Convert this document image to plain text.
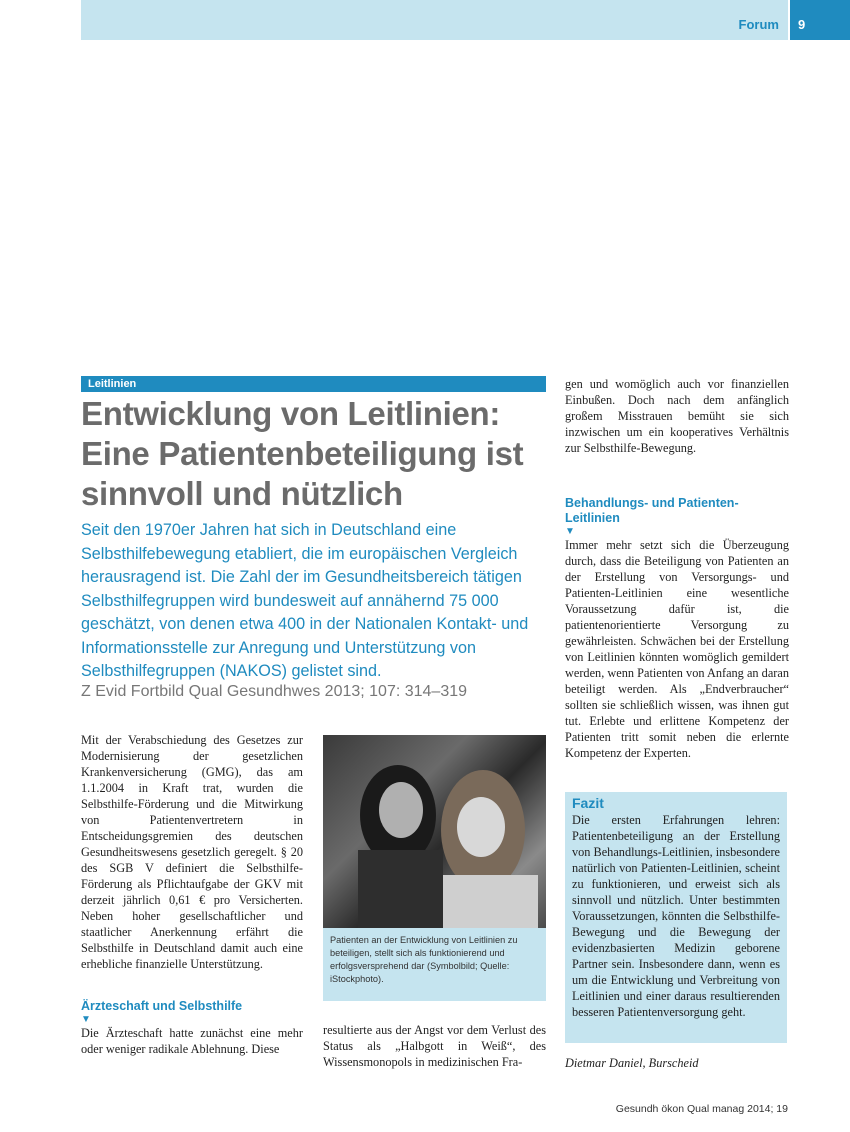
Forum 9
Leitlinien
Entwicklung von Leitlinien: Eine Patientenbeteiligung ist sinnvoll und nützlich
Seit den 1970er Jahren hat sich in Deutschland eine Selbsthilfebewegung etabliert, die im europäischen Vergleich herausragend ist. Die Zahl der im Gesundheitsbereich tätigen Selbsthilfegruppen wird bundesweit auf annähernd 75 000 geschätzt, von denen etwa 400 in der Nationalen Kontakt- und Informationsstelle zur Anregung und Unterstützung von Selbsthilfegruppen (NAKOS) gelistet sind.
Z Evid Fortbild Qual Gesundhwes 2013; 107: 314–319
Mit der Verabschiedung des Gesetzes zur Modernisierung der gesetzlichen Krankenversicherung (GMG), das am 1.1.2004 in Kraft trat, wurden die Selbsthilfe-Förderung und die Mitwirkung von Patientenvertretern in Entscheidungsgremien des deutschen Gesundheitswesens gesetzlich geregelt. § 20 des SGB V definiert die Selbsthilfe-Förderung als Pflichtaufgabe der GKV mit derzeit jährlich 0,61 € pro Versicherten. Neben hoher gesellschaftlicher und staatlicher Anerkennung erfährt die Selbsthilfe in Deutschland damit auch eine erhebliche finanzielle Unterstützung.
Ärzteschaft und Selbsthilfe
▼
Die Ärzteschaft hatte zunächst eine mehr oder weniger radikale Ablehnung. Diese
Patienten an der Entwicklung von Leitlinien zu beteiligen, stellt sich als funktionierend und erfolgsversprehend dar (Symbolbild; Quelle: iStockphoto).
resultierte aus der Angst vor dem Verlust des Status als „Halbgott in Weiß“, des Wissensmonopols in medizinischen Fra-
gen und womöglich auch vor finanziellen Einbußen. Doch nach dem anfänglich großem Misstrauen bemüht sie sich inzwischen um ein kooperatives Verhältnis zur Selbsthilfe-Bewegung.
Behandlungs- und Patienten-Leitlinien
▼
Immer mehr setzt sich die Überzeugung durch, dass die Beteiligung von Patienten an der Erstellung von Versorgungs- und Patienten-Leitlinien eine wesentliche Voraussetzung dafür ist, die patientenorientierte Versorgung zu gewährleisten. Schwächen bei der Erstellung von Leitlinien könnten womöglich gemildert werden, wenn Patienten von Anfang an daran beteiligt werden. Als „Endverbraucher“ sollten sie schließlich wissen, was ihnen gut tut. Erlebte und erlittene Kompetenz der Patienten tritt somit neben die erlernte Kompetenz der Experten.
Fazit
Die ersten Erfahrungen lehren: Patientenbeteiligung an der Erstellung von Behandlungs-Leitlinien, insbesondere natürlich von Patienten-Leitlinien, scheint zu funktionieren, und erweist sich als sinnvoll und nützlich. Unter bestimmten Voraussetzungen, könnten die Selbsthilfe-Bewegung und die Bewegung der evidenzbasierten Medizin geborene Partner sein. Insbesondere dann, wenn es um die Entwicklung und Verbreitung von Leitlinien und einer daraus resultierenden besseren Patientenversorgung geht.
Dietmar Daniel, Burscheid
Gesundh ökon Qual manag 2014; 19
